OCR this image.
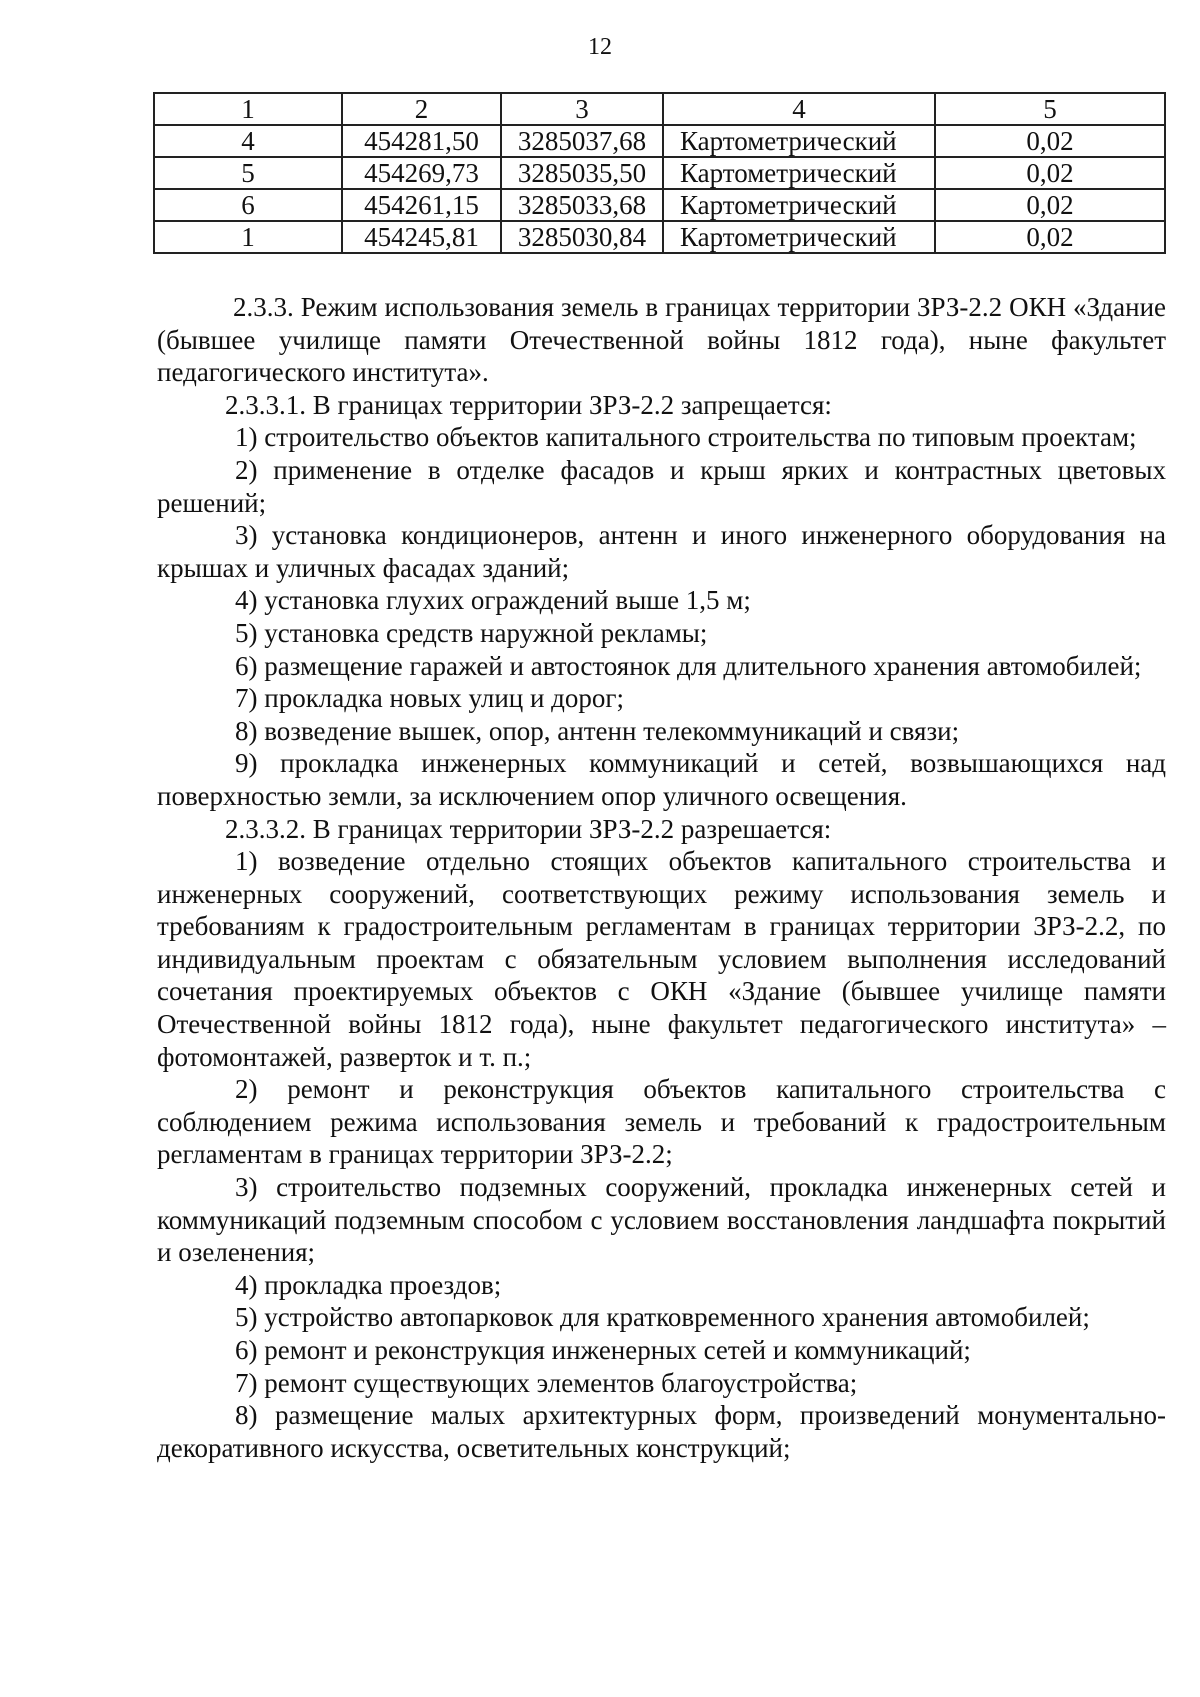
12
1	2	3	4	5
4	454281,50	3285037,68	Картометрический	0,02
5	454269,73	3285035,50	Картометрический	0,02
6	454261,15	3285033,68	Картометрический	0,02
1	454245,81	3285030,84	Картометрический	0,02

2.3.3. Режим использования земель в границах территории ЗРЗ-2.2 ОКН «Здание (бывшее училище памяти Отечественной войны 1812 года), ныне факультет педагогического института».

2.3.3.1. В границах территории ЗРЗ-2.2 запрещается:

1) строительство объектов капитального строительства по типовым проектам;

2) применение в отделке фасадов и крыш ярких и контрастных цветовых решений;

3) установка кондиционеров, антенн и иного инженерного оборудования на крышах и уличных фасадах зданий;

4) установка глухих ограждений выше 1,5 м;

5) установка средств наружной рекламы;

6) размещение гаражей и автостоянок для длительного хранения автомобилей;

7) прокладка новых улиц и дорог;

8) возведение вышек, опор, антенн телекоммуникаций и связи;

9) прокладка инженерных коммуникаций и сетей, возвышающихся над поверхностью земли, за исключением опор уличного освещения.

2.3.3.2. В границах территории ЗРЗ-2.2 разрешается:

1) возведение отдельно стоящих объектов капитального строительства и инженерных сооружений, соответствующих режиму использования земель и требованиям к градостроительным регламентам в границах территории ЗРЗ-2.2, по индивидуальным проектам с обязательным условием выполнения исследований сочетания проектируемых объектов с ОКН «Здание (бывшее училище памяти Отечественной войны 1812 года), ныне факультет педагогического института» – фотомонтажей, разверток и т. п.;

2) ремонт и реконструкция объектов капитального строительства с соблюдением режима использования земель и требований к градостроительным регламентам в границах территории ЗРЗ-2.2;

3) строительство подземных сооружений, прокладка инженерных сетей и коммуникаций подземным способом с условием восстановления ландшафта покрытий и озеленения;

4) прокладка проездов;

5) устройство автопарковок для кратковременного хранения автомобилей;

6) ремонт и реконструкция инженерных сетей и коммуникаций;

7) ремонт существующих элементов благоустройства;

8) размещение малых архитектурных форм, произведений монументально-декоративного искусства, осветительных конструкций;
